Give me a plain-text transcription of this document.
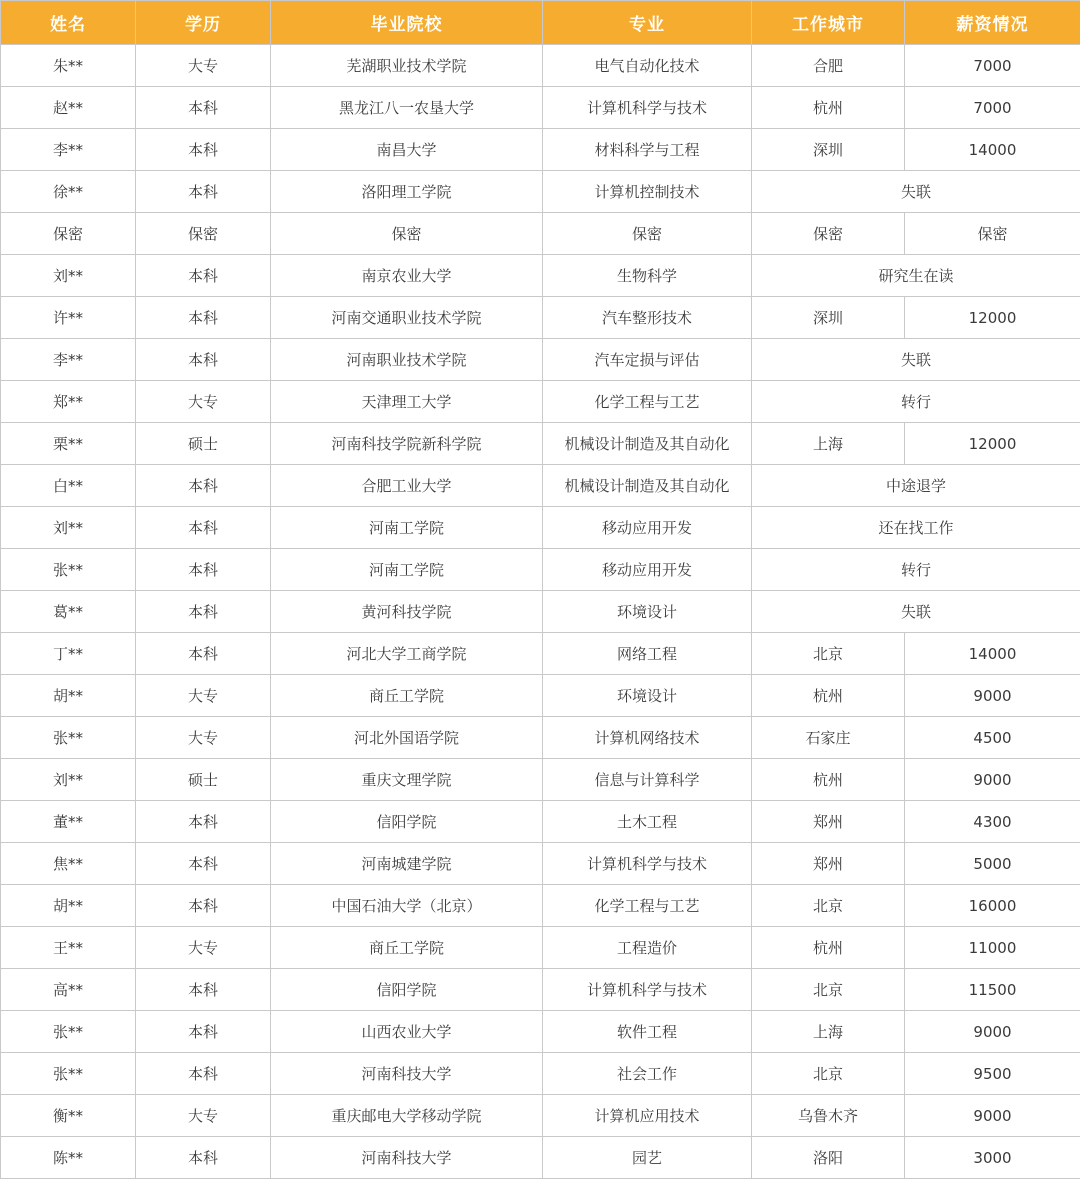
姓名	学历	毕业院校	专业	工作城市	薪资情况
朱**	大专	芜湖职业技术学院	电气自动化技术	合肥	7000
赵**	本科	黑龙江八一农垦大学	计算机科学与技术	杭州	7000
李**	本科	南昌大学	材料科学与工程	深圳	14000
徐**	本科	洛阳理工学院	计算机控制技术	失联	
保密	保密	保密	保密	保密	保密
刘**	本科	南京农业大学	生物科学	研究生在读	
许**	本科	河南交通职业技术学院	汽车整形技术	深圳	12000
李**	本科	河南职业技术学院	汽车定损与评估	失联	
郑**	大专	天津理工大学	化学工程与工艺	转行	
栗**	硕士	河南科技学院新科学院	机械设计制造及其自动化	上海	12000
白**	本科	合肥工业大学	机械设计制造及其自动化	中途退学	
刘**	本科	河南工学院	移动应用开发	还在找工作	
张**	本科	河南工学院	移动应用开发	转行	
葛**	本科	黄河科技学院	环境设计	失联	
丁**	本科	河北大学工商学院	网络工程	北京	14000
胡**	大专	商丘工学院	环境设计	杭州	9000
张**	大专	河北外国语学院	计算机网络技术	石家庄	4500
刘**	硕士	重庆文理学院	信息与计算科学	杭州	9000
董**	本科	信阳学院	土木工程	郑州	4300
焦**	本科	河南城建学院	计算机科学与技术	郑州	5000
胡**	本科	中国石油大学（北京）	化学工程与工艺	北京	16000
王**	大专	商丘工学院	工程造价	杭州	11000
高**	本科	信阳学院	计算机科学与技术	北京	11500
张**	本科	山西农业大学	软件工程	上海	9000
张**	本科	河南科技大学	社会工作	北京	9500
衡**	大专	重庆邮电大学移动学院	计算机应用技术	乌鲁木齐	9000
陈**	本科	河南科技大学	园艺	洛阳	3000
